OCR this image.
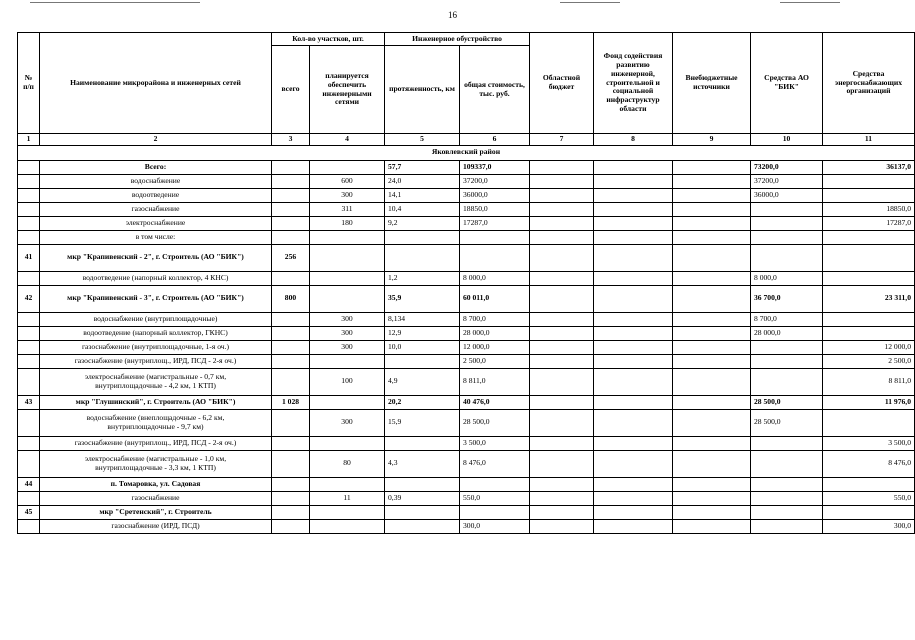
16
№ п/п	Наименование микрорайона и инженерных сетей	Кол-во участков, шт.		Инженерное обустройство		Областной бюджет	Фонд содействия развитию инженерной, строительной и социальной инфраструктур области	Внебюджетные источники	Средства АО "БИК"	Средства энергоснабжающих организаций
		всего	планируется обеспечить инженерными сетями	протяженность, км	общая стоимость, тыс. руб.					
1	2	3	4	5	6	7	8	9	10	11
Яковлевский район										
	Всего:			57,7	109337,0				73200,0	36137,0
	водоснабжение		600	24,0	37200,0				37200,0	
	водоотведение		300	14,1	36000,0				36000,0	
	газоснабжение		311	10,4	18850,0					18850,0
	электроснабжение		180	9,2	17287,0					17287,0
	в том числе:									
41	мкр "Крапивенский - 2", г. Строитель (АО "БИК")	256								
	водоотведение (напорный коллектор, 4 КНС)			1,2	8 000,0				8 000,0	
42	мкр "Крапивенский - 3", г. Строитель (АО "БИК")	800		35,9	60 011,0				36 700,0	23 311,0
	водоснабжение (внутриплощадочные)		300	8,134	8 700,0				8 700,0	
	водоотведение (напорный коллектор, ГКНС)		300	12,9	28 000,0				28 000,0	
	газоснабжение (внутриплощадочные, 1-я оч.)		300	10,0	12 000,0					12 000,0
	газоснабжение (внутриплощ., ИРД, ПСД - 2-я оч.)				2 500,0					2 500,0
	электроснабжение (магистральные - 0,7 км, внутриплощадочные - 4,2 км, 1 КТП)		100	4,9	8 811,0					8 811,0
43	мкр "Глушинский", г. Строитель (АО "БИК")	1 028		20,2	40 476,0				28 500,0	11 976,0
	водоснабжение (внеплощадочные - 6,2 км, внутриплощадочные - 9,7 км)		300	15,9	28 500,0				28 500,0	
	газоснабжение (внутриплощ., ИРД, ПСД - 2-я оч.)				3 500,0					3 500,0
	электроснабжение (магистральные - 1,0 км, внутриплощадочные - 3,3 км, 1 КТП)		80	4,3	8 476,0					8 476,0
44	п. Томаровка, ул. Садовая									
	газоснабжение		11	0,39	550,0					550,0
45	мкр "Сретенский", г. Строитель									
	газоснабжение (ИРД, ПСД)				300,0					300,0
